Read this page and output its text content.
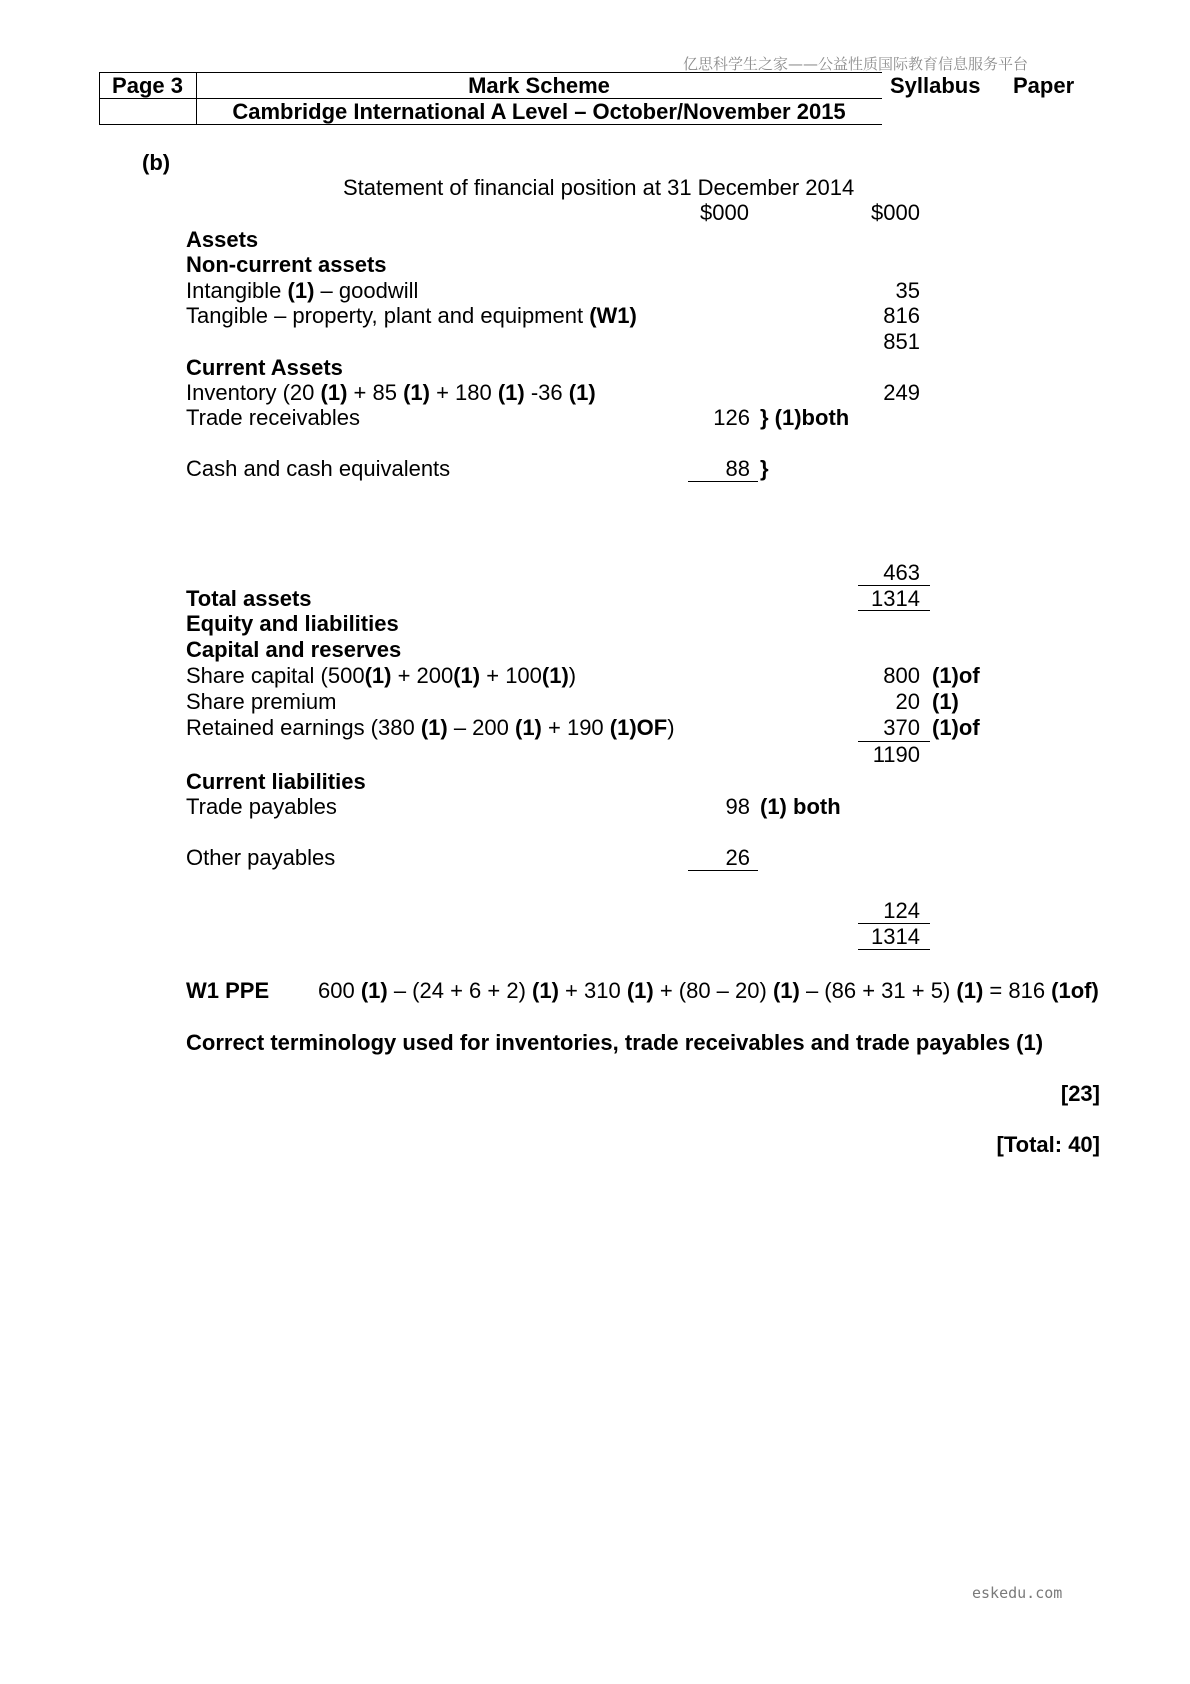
亿思科学生之家——公益性质国际教育信息服务平台
Page 3	Mark Scheme	Syllabus Paper
Cambridge International A Level – October/November 2015
(b)
Statement of financial position at 31 December 2014
$000	$000
Assets
Non-current assets
Intangible (1) – goodwill	35
Tangible – property, plant and equipment (W1)	816
851
Current Assets
Inventory (20 (1) + 85 (1) + 180 (1) -36 (1)	249
Trade receivables	126 } (1)both
Cash and cash equivalents	88 }
463
Total assets	1314
Equity and liabilities
Capital and reserves
Share capital (500(1) + 200(1) + 100(1))	800 (1)of
Share premium	20 (1)
Retained earnings (380 (1) – 200 (1) + 190 (1)OF)	370 (1)of
1190
Current liabilities
Trade payables	98 (1) both
Other payables	26
124
1314
W1 PPE 600 (1) – (24 + 6 + 2) (1) + 310 (1) + (80 – 20) (1) – (86 + 31 + 5) (1) = 816 (1of)
Correct terminology used for inventories, trade receivables and trade payables (1)
[23]
[Total: 40]
eskedu.com
